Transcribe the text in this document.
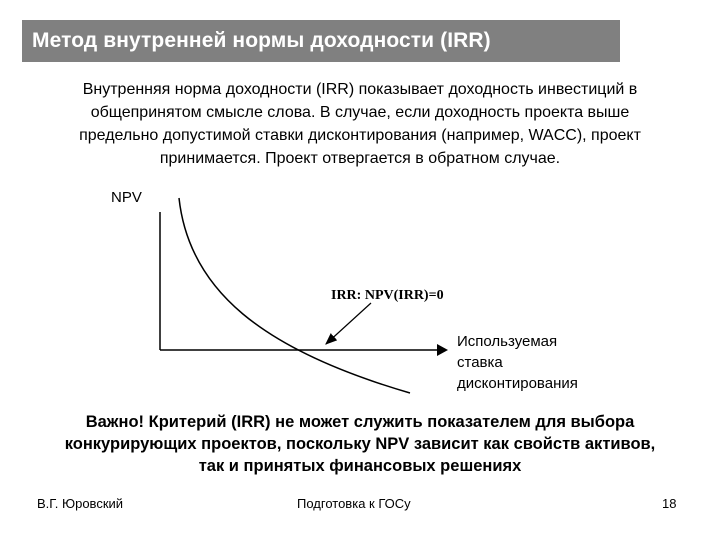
Метод внутренней нормы доходности (IRR)
Внутренняя норма доходности (IRR) показывает доходность инвестиций в
общепринятом смысле слова. В случае, если доходность проекта выше
предельно допустимой ставки дисконтирования (например, WACC), проект
принимается. Проект отвергается в обратном случае.
NPV
IRR: NPV(IRR)=0
Используемая
ставка
дисконтирования
Важно! Критерий (IRR) не может служить показателем для выбора
конкурирующих проектов, поскольку NPV зависит как свойств активов,
так и принятых финансовых решениях
В.Г. Юровский	Подготовка к ГОСу	18
